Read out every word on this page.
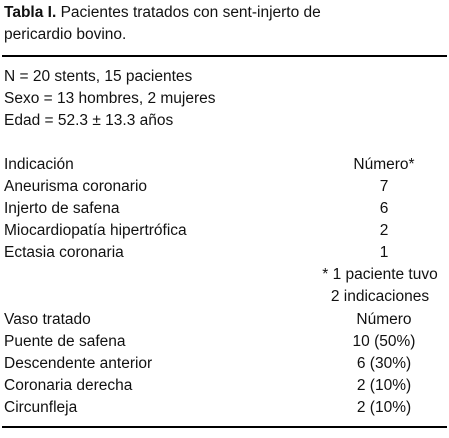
Tabla I. Pacientes tratados con sent-injerto de
pericardio bovino.
N = 20 stents, 15 pacientes
Sexo = 13 hombres, 2 mujeres
Edad = 52.3 ± 13.3 años
Indicación	Número*
Aneurisma coronario	7
Injerto de safena	6
Miocardiopatía hipertrófica	2
Ectasia coronaria	1
* 1 paciente tuvo
2 indicaciones
Vaso tratado	Número
Puente de safena	10 (50%)
Descendente anterior	6 (30%)
Coronaria derecha	2 (10%)
Circunfleja	2 (10%)
